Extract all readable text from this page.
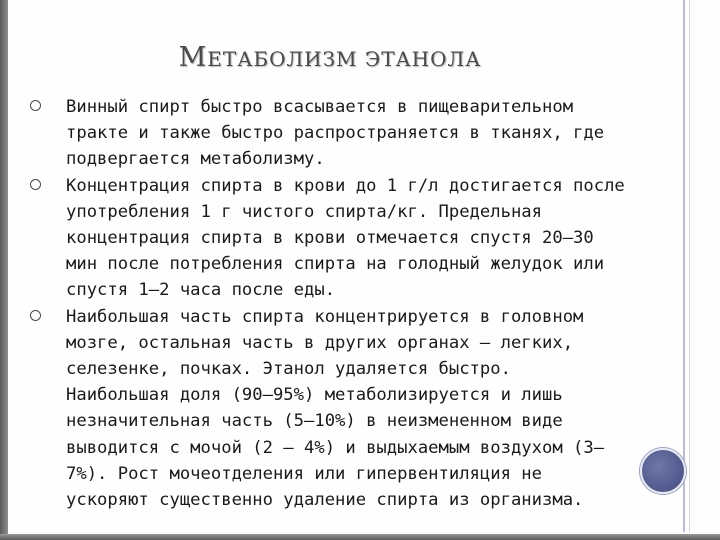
МЕТАБОЛИЗМ ЭТАНОЛА
Винный спирт быстро всасывается в пищеварительном
тракте и также быстро распространяется в тканях, где
подвергается метаболизму.
Концентрация спирта в крови до 1 г/л достигается после
употребления 1 г чистого спирта/кг. Предельная
концентрация спирта в крови отмечается спустя 20—30
мин после потребления спирта на голодный желудок или
спустя 1—2 часа после еды.
Наибольшая часть спирта концентрируется в головном
мозге, остальная часть в других органах — легких,
селезенке, почках. Этанол удаляется быстро.
Наибольшая доля (90—95%) метаболизируется и лишь
незначительная часть (5—10%) в неизмененном виде
выводится с мочой (2 – 4%) и выдыхаемым воздухом (3—
7%). Рост мочеотделения или гипервентиляция не
ускоряют существенно удаление спирта из организма.
